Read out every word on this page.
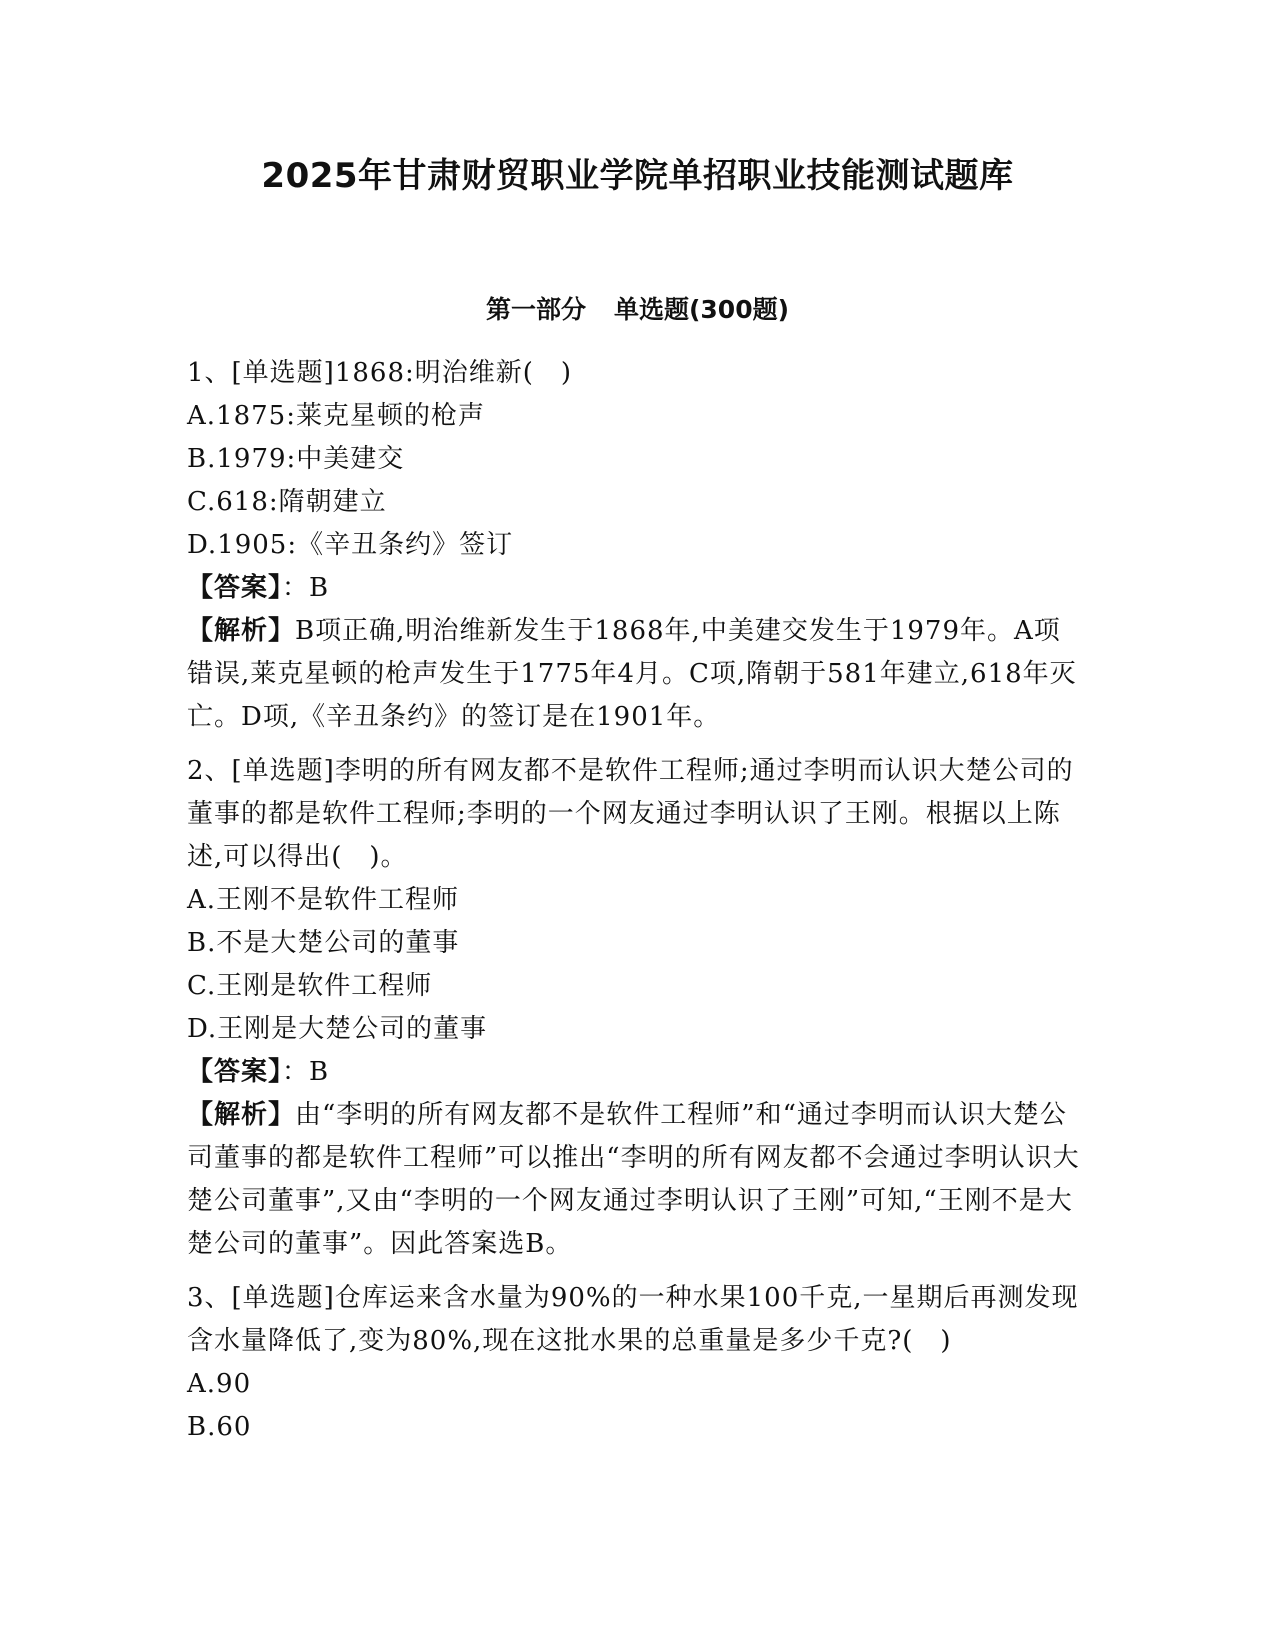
2025年甘肃财贸职业学院单招职业技能测试题库
第一部分 单选题(300题)
1、[单选题]1868:明治维新(　)
A.1875:莱克星顿的枪声
B.1979:中美建交
C.618:隋朝建立
D.1905:《辛丑条约》签订
【答案】：B
【解析】B项正确,明治维新发生于1868年,中美建交发生于1979年。A项错误,莱克星顿的枪声发生于1775年4月。C项,隋朝于581年建立,618年灭亡。D项,《辛丑条约》的签订是在1901年。
2、[单选题]李明的所有网友都不是软件工程师;通过李明而认识大楚公司的董事的都是软件工程师;李明的一个网友通过李明认识了王刚。根据以上陈述,可以得出(　)。
A.王刚不是软件工程师
B.不是大楚公司的董事
C.王刚是软件工程师
D.王刚是大楚公司的董事
【答案】：B
【解析】由“李明的所有网友都不是软件工程师”和“通过李明而认识大楚公司董事的都是软件工程师”可以推出“李明的所有网友都不会通过李明认识大楚公司董事”,又由“李明的一个网友通过李明认识了王刚”可知,“王刚不是大楚公司的董事”。因此答案选B。
3、[单选题]仓库运来含水量为90%的一种水果100千克,一星期后再测发现含水量降低了,变为80%,现在这批水果的总重量是多少千克?(　)
A.90
B.60
